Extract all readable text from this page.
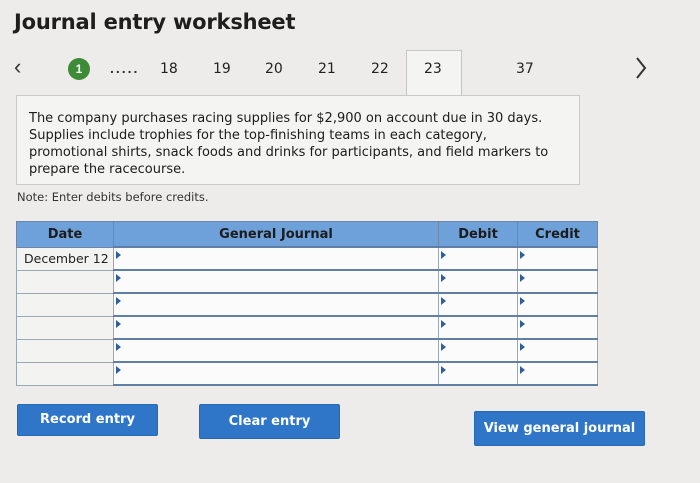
Journal entry worksheet
‹	1	..... 18	19 20	21	22	23	37
The company purchases racing supplies for $2,900 on account due in 30 days. Supplies include trophies for the top-finishing teams in each category, promotional shirts, snack foods and drinks for participants, and field markers to prepare the racecourse.
Note: Enter debits before credits.
Date	General Journal	Debit	Credit
December 12			

Record entry	Clear entry	View general journal
